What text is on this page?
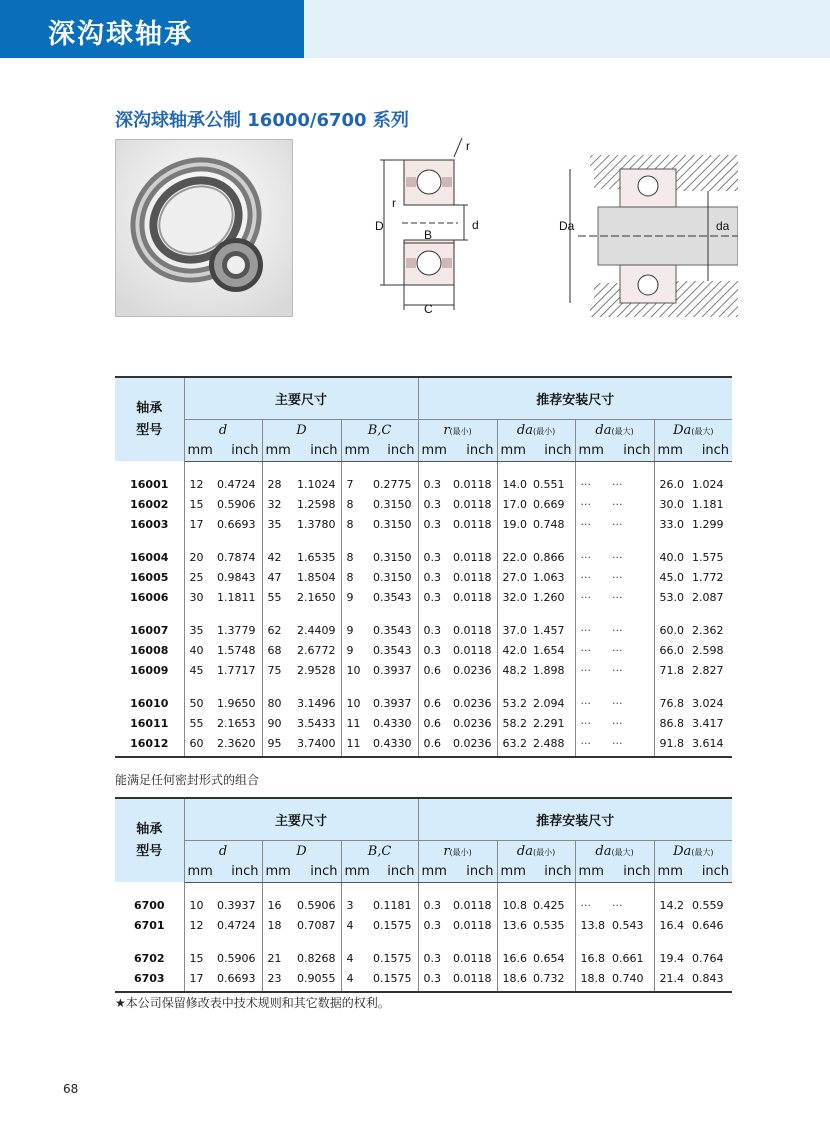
深沟球轴承
深沟球轴承公制 16000/6700 系列
r
r
D	d
B
C
Da	da
轴承
型号	主要尺寸						推荐安装尺寸							
	d		D		B,C		r(最小)		da(最小)		da(最大)		Da(最大)	
	mm	inch	mm	inch	mm	inch	mm	inch	mm	inch	mm	inch	mm	inch

16001	12	0.4724	28	1.1024	7	0.2775	0.3	0.0118	14.0	0.551	···	···	26.0	1.024
16002	15	0.5906	32	1.2598	8	0.3150	0.3	0.0118	17.0	0.669	···	···	30.0	1.181
16003	17	0.6693	35	1.3780	8	0.3150	0.3	0.0118	19.0	0.748	···	···	33.0	1.299

16004	20	0.7874	42	1.6535	8	0.3150	0.3	0.0118	22.0	0.866	···	···	40.0	1.575
16005	25	0.9843	47	1.8504	8	0.3150	0.3	0.0118	27.0	1.063	···	···	45.0	1.772
16006	30	1.1811	55	2.1650	9	0.3543	0.3	0.0118	32.0	1.260	···	···	53.0	2.087

16007	35	1.3779	62	2.4409	9	0.3543	0.3	0.0118	37.0	1.457	···	···	60.0	2.362
16008	40	1.5748	68	2.6772	9	0.3543	0.3	0.0118	42.0	1.654	···	···	66.0	2.598
16009	45	1.7717	75	2.9528	10	0.3937	0.6	0.0236	48.2	1.898	···	···	71.8	2.827

16010	50	1.9650	80	3.1496	10	0.3937	0.6	0.0236	53.2	2.094	···	···	76.8	3.024
16011	55	2.1653	90	3.5433	11	0.4330	0.6	0.0236	58.2	2.291	···	···	86.8	3.417
16012	60	2.3620	95	3.7400	11	0.4330	0.6	0.0236	63.2	2.488	···	···	91.8	3.614

能满足任何密封形式的组合
轴承
型号	主要尺寸						推荐安装尺寸							
	d		D		B,C		r(最小)		da(最小)		da(最大)		Da(最大)	
	mm	inch	mm	inch	mm	inch	mm	inch	mm	inch	mm	inch	mm	inch

6700	10	0.3937	16	0.5906	3	0.1181	0.3	0.0118	10.8	0.425	···	···	14.2	0.559
6701	12	0.4724	18	0.7087	4	0.1575	0.3	0.0118	13.6	0.535	13.8	0.543	16.4	0.646

6702	15	0.5906	21	0.8268	4	0.1575	0.3	0.0118	16.6	0.654	16.8	0.661	19.4	0.764
6703	17	0.6693	23	0.9055	4	0.1575	0.3	0.0118	18.6	0.732	18.8	0.740	21.4	0.843

★本公司保留修改表中技术规则和其它数据的权利。
68
